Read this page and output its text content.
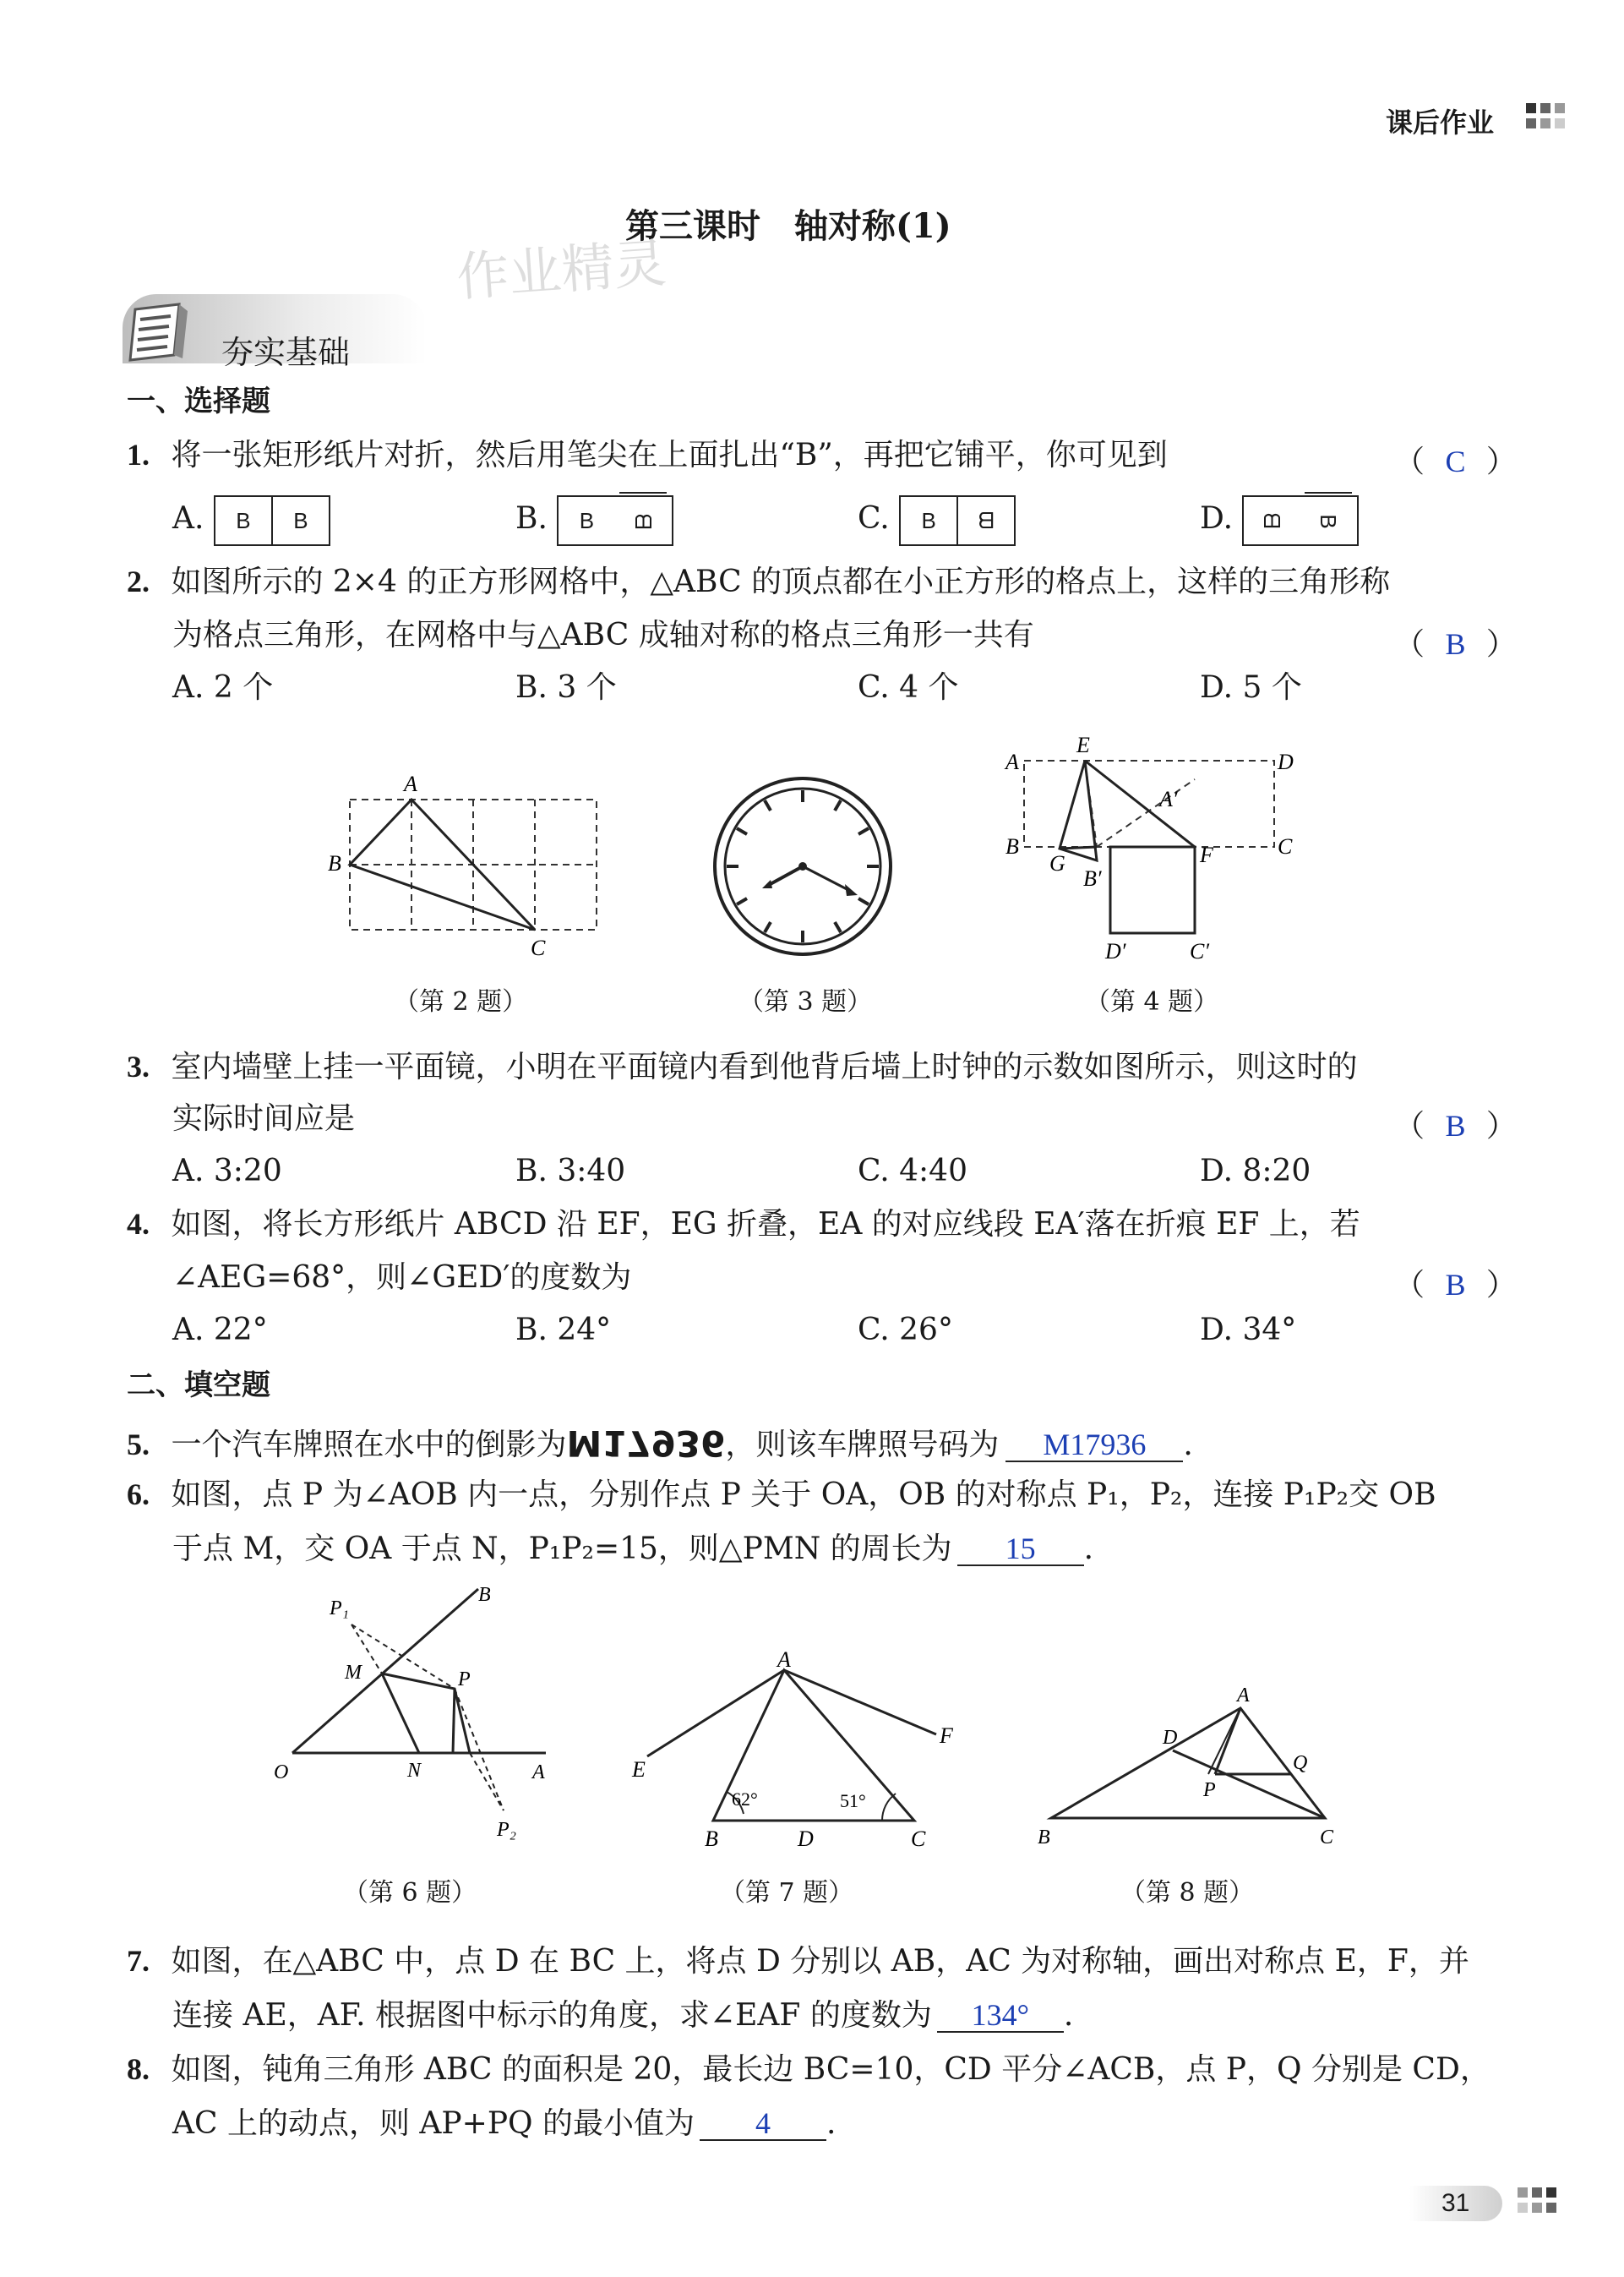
课后作业
第三课时　轴对称(1)
作业精灵
夯实基础
一、选择题
1. 将一张矩形纸片对折，然后用笔尖在上面扎出“B”，再把它铺平，你可见到	（ C ）
A. B B	B. B ᗺ	C. B ᗺ	D. ᗺ B
2. 如图所示的 2×4 的正方形网格中，△ABC 的顶点都在小正方形的格点上，这样的三角形称
为格点三角形，在网格中与△ABC 成轴对称的格点三角形一共有	（ B ）
A. 2 个	B. 3 个	C. 4 个	D. 5 个
A
B
C
（第 2 题）	（第 3 题）
A
E
D
A′
B
G	F	C
B′
D′	C′
（第 4 题）
3. 室内墙壁上挂一平面镜，小明在平面镜内看到他背后墙上时钟的示数如图所示，则这时的
实际时间应是	（ B ）
A. 3:20	B. 3:40	C. 4:40	D. 8:20
4. 如图，将长方形纸片 ABCD 沿 EF，EG 折叠，EA 的对应线段 EA′落在折痕 EF 上，若
∠AEG=68°，则∠GED′的度数为	（ B ）
A. 22°	B. 24°	C. 26°	D. 34°
二、填空题
5. 一个汽车牌照在水中的倒影为M17936，则该车牌照号码为 M17936 .
6. 如图，点 P 为∠AOB 内一点，分别作点 P 关于 OA，OB 的对称点 P₁，P₂，连接 P₁P₂交 OB
于点 M，交 OA 于点 N，P₁P₂=15，则△PMN 的周长为 15 .
P₁
B
M	P
O	N	A
P₂
（第 6 题）
A
E
F
B	D	C
62°	51°
（第 7 题）
A
D
Q
P
B	C
（第 8 题）
7. 如图，在△ABC 中，点 D 在 BC 上，将点 D 分别以 AB，AC 为对称轴，画出对称点 E，F，并
连接 AE，AF. 根据图中标示的角度，求∠EAF 的度数为 134° .
8. 如图，钝角三角形 ABC 的面积是 20，最长边 BC=10，CD 平分∠ACB，点 P，Q 分别是 CD，
AC 上的动点，则 AP+PQ 的最小值为 4 .
31
